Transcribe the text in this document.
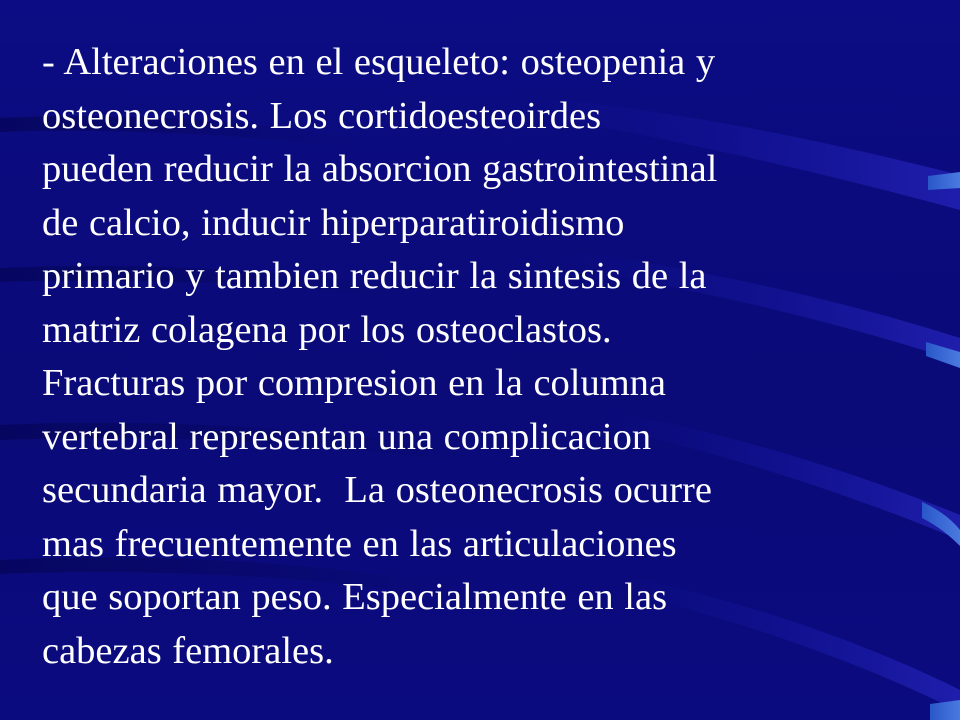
- Alteraciones en el esqueleto: osteopenia y
osteonecrosis. Los cortidoesteoirdes
pueden reducir la absorcion gastrointestinal
de calcio, inducir hiperparatiroidismo
primario y tambien reducir la sintesis de la
matriz colagena por los osteoclastos.
Fracturas por compresion en la columna
vertebral representan una complicacion
secundaria mayor.  La osteonecrosis ocurre
mas frecuentemente en las articulaciones
que soportan peso. Especialmente en las
cabezas femorales.
